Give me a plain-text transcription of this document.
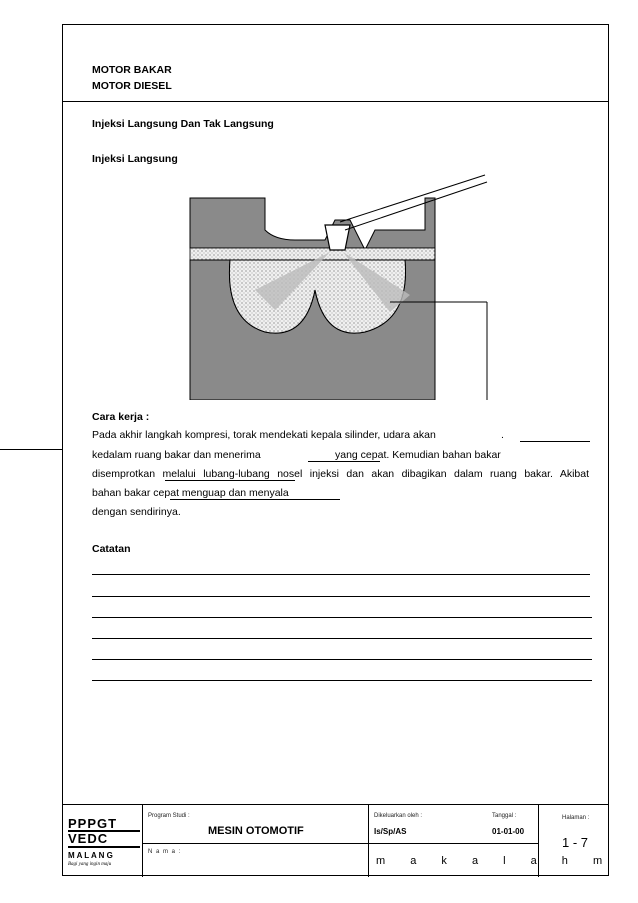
MOTOR BAKAR
MOTOR DIESEL
Injeksi Langsung Dan Tak Langsung
Injeksi Langsung
Cara kerja :
Pada akhir langkah kompresi, torak mendekati kepala silinder, udara akan	.
kedalam ruang bakar dan menerima	yang cepat. Kemudian bahan bakar
disemprotkan melalui lubang-lubang nosel injeksi dan akan dibagikan dalam ruang bakar. Akibat
bahan bakar cepat menguap dan menyala
dengan sendirinya.
Catatan
PPPGT
VEDC
M A L A N G
Bagi yang ingin maju
Program Studi :
MESIN OTOMOTIF
N a m a :
Dikeluarkan oleh :
Is/Sp/AS
Tanggal :
01-01-00
m a k a l a h m
Halaman :
1 - 7
